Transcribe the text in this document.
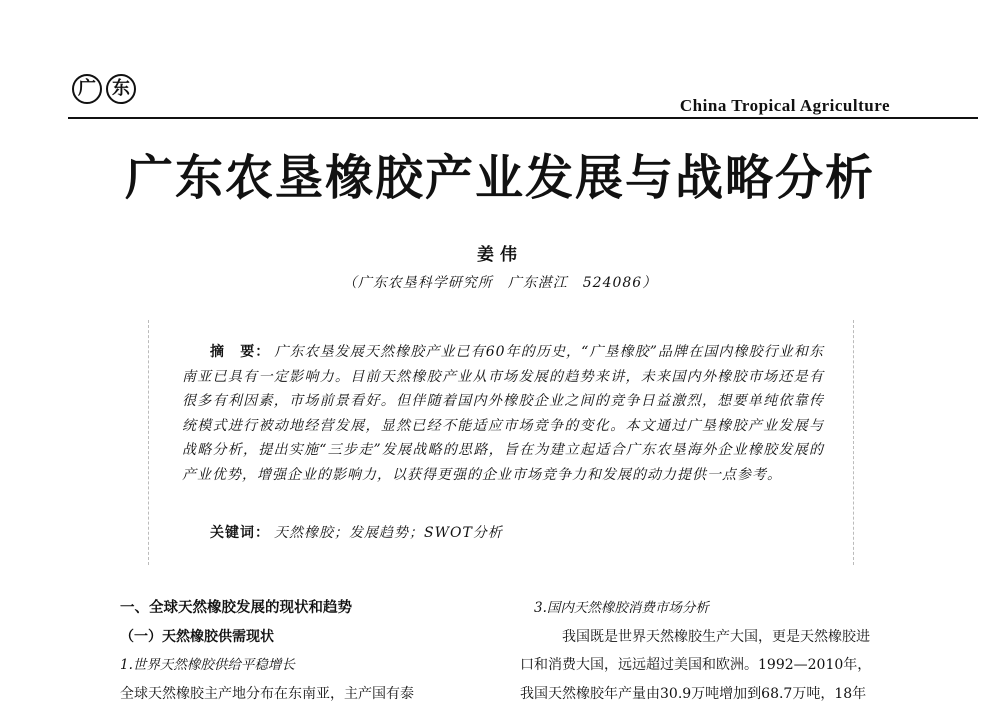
广 东
China Tropical Agriculture
广东农垦橡胶产业发展与战略分析
姜伟
（广东农垦科学研究所　广东湛江　524086）
摘　要： 广东农垦发展天然橡胶产业已有60年的历史，“广垦橡胶”品牌在国内橡胶行业和东南亚已具有一定影响力。目前天然橡胶产业从市场发展的趋势来讲，未来国内外橡胶市场还是有很多有利因素，市场前景看好。但伴随着国内外橡胶企业之间的竞争日益激烈，想要单纯依靠传统模式进行被动地经营发展，显然已经不能适应市场竞争的变化。本文通过广垦橡胶产业发展与战略分析，提出实施“三步走”发展战略的思路，旨在为建立起适合广东农垦海外企业橡胶发展的产业优势，增强企业的影响力，以获得更强的企业市场竞争力和发展的动力提供一点参考。
关键词： 天然橡胶；发展趋势；SWOT分析
一、全球天然橡胶发展的现状和趋势
（一）天然橡胶供需现状
1.世界天然橡胶供给平稳增长
全球天然橡胶主产地分布在东南亚，主产国有泰
3.国内天然橡胶消费市场分析
我国既是世界天然橡胶生产大国，更是天然橡胶进
口和消费大国，远远超过美国和欧洲。1992—2010年，
我国天然橡胶年产量由30.9万吨增加到68.7万吨，18年
